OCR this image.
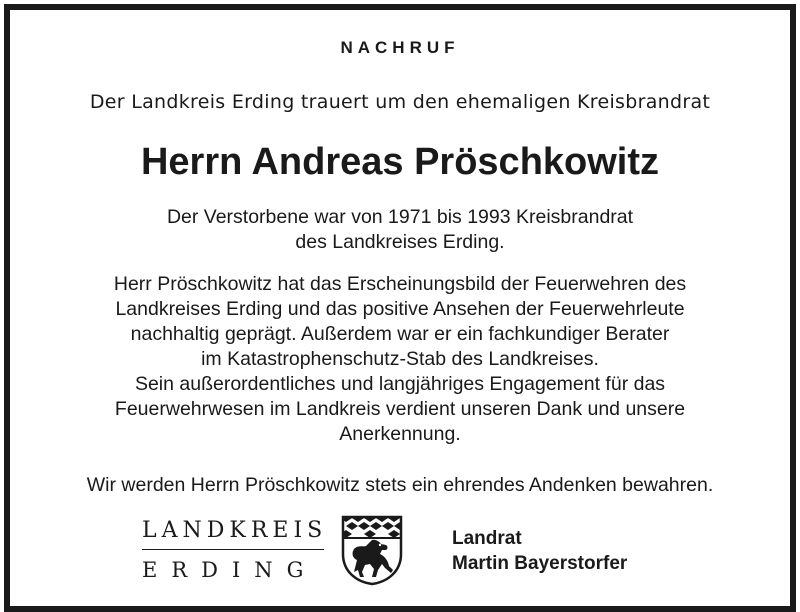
NACHRUF
Der Landkreis Erding trauert um den ehemaligen Kreisbrandrat
Herrn Andreas Pröschkowitz
Der Verstorbene war von 1971 bis 1993 Kreisbrandrat
des Landkreises Erding.
Herr Pröschkowitz hat das Erscheinungsbild der Feuerwehren des
Landkreises Erding und das positive Ansehen der Feuerwehrleute
nachhaltig geprägt. Außerdem war er ein fachkundiger Berater
im Katastrophenschutz-Stab des Landkreises.
Sein außerordentliches und langjähriges Engagement für das
Feuerwehrwesen im Landkreis verdient unseren Dank und unsere
Anerkennung.
Wir werden Herrn Pröschkowitz stets ein ehrendes Andenken bewahren.
LANDKREIS
ERDING
Landrat
Martin Bayerstorfer
